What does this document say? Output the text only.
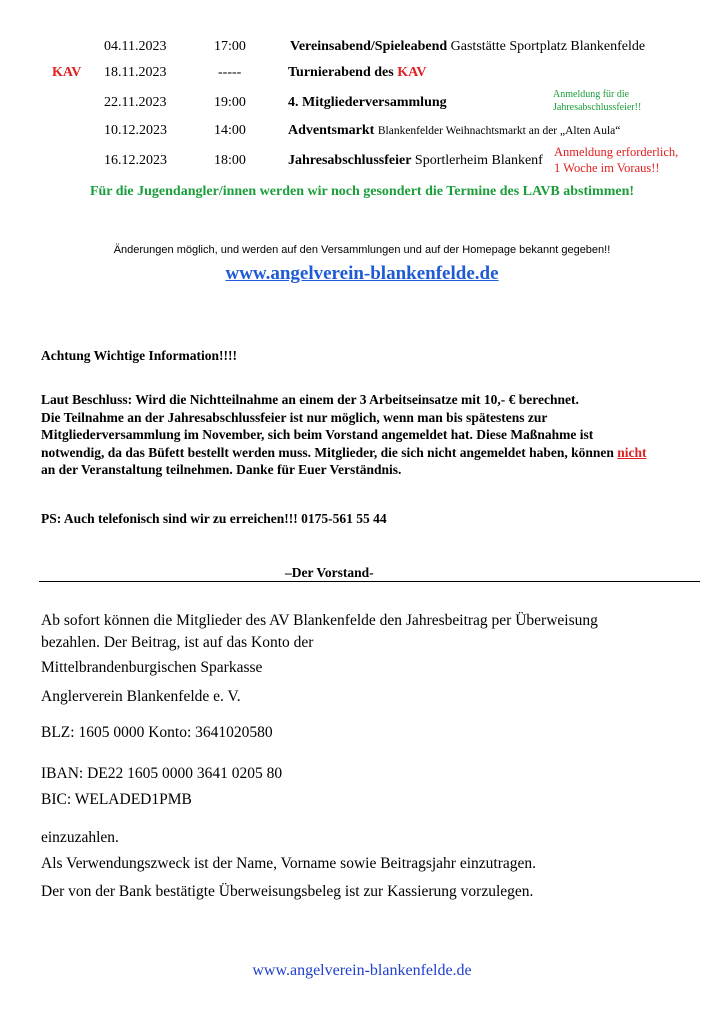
04.11.2023	17:00	Vereinsabend/Spieleabend Gaststätte Sportplatz Blankenfelde
KAV 18.11.2023	-----	Turnierabend des KAV
22.11.2023	19:00	4. Mitgliederversammlung
10.12.2023	14:00	Adventsmarkt Blankenfelder Weihnachtsmarkt an der „Alten Aula“
16.12.2023	18:00	Jahresabschlussfeier Sportlerheim Blankenf
Anmeldung für die
Jahresabschlussfeier!!
Anmeldung erforderlich,
1 Woche im Voraus!!
Für die Jugendangler/innen werden wir noch gesondert die Termine des LAVB abstimmen!
Änderungen möglich, und werden auf den Versammlungen und auf der Homepage bekannt gegeben!!
www.angelverein-blankenfelde.de
Achtung Wichtige Information!!!!
Laut Beschluss: Wird die Nichtteilnahme an einem der 3 Arbeitseinsatze mit 10,- € berechnet.
Die Teilnahme an der Jahresabschlussfeier ist nur möglich, wenn man bis spätestens zur
Mitgliederversammlung im November, sich beim Vorstand angemeldet hat. Diese Maßnahme ist
notwendig, da das Büfett bestellt werden muss. Mitglieder, die sich nicht angemeldet haben, können nicht
an der Veranstaltung teilnehmen. Danke für Euer Verständnis.
PS: Auch telefonisch sind wir zu erreichen!!! 0175-561 55 44
–Der Vorstand-
Ab sofort können die Mitglieder des AV Blankenfelde den Jahresbeitrag per Überweisung
bezahlen. Der Beitrag, ist auf das Konto der
Mittelbrandenburgischen Sparkasse
Anglerverein Blankenfelde e. V.
BLZ: 1605 0000 Konto: 3641020580
IBAN: DE22 1605 0000 3641 0205 80
BIC: WELADED1PMB
einzuzahlen.
Als Verwendungszweck ist der Name, Vorname sowie Beitragsjahr einzutragen.
Der von der Bank bestätigte Überweisungsbeleg ist zur Kassierung vorzulegen.
www.angelverein-blankenfelde.de
